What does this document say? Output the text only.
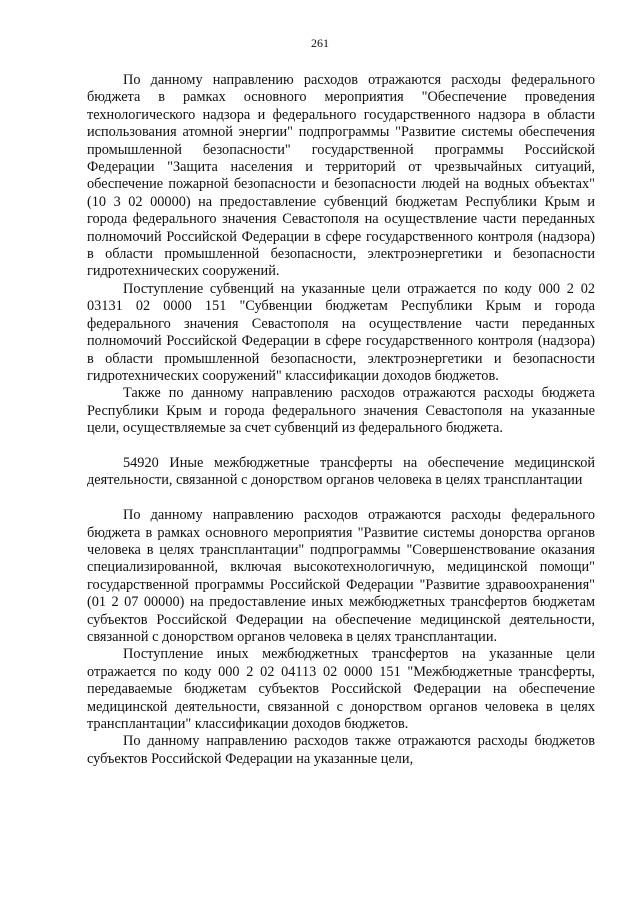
261

По данному направлению расходов отражаются расходы федерального бюджета в рамках основного мероприятия "Обеспечение проведения технологического надзора и федерального государственного надзора в области использования атомной энергии" подпрограммы "Развитие системы обеспечения промышленной безопасности" государственной программы Российской Федерации "Защита населения и территорий от чрезвычайных ситуаций, обеспечение пожарной безопасности и безопасности людей на водных объектах" (10 3 02 00000) на предоставление субвенций бюджетам Республики Крым и города федерального значения Севастополя на осуществление части переданных полномочий Российской Федерации в сфере государственного контроля (надзора) в области промышленной безопасности, электроэнергетики и безопасности гидротехнических сооружений.

Поступление субвенций на указанные цели отражается по коду 000 2 02 03131 02 0000 151 "Субвенции бюджетам Республики Крым и города федерального значения Севастополя на осуществление части переданных полномочий Российской Федерации в сфере государственного контроля (надзора) в области промышленной безопасности, электроэнергетики и безопасности гидротехнических сооружений" классификации доходов бюджетов.

Также по данному направлению расходов отражаются расходы бюджета Республики Крым и города федерального значения Севастополя на указанные цели, осуществляемые за счет субвенций из федерального бюджета.

54920 Иные межбюджетные трансферты на обеспечение медицинской деятельности, связанной с донорством органов человека в целях трансплантации

По данному направлению расходов отражаются расходы федерального бюджета в рамках основного мероприятия "Развитие системы донорства органов человека в целях трансплантации" подпрограммы "Совершенствование оказания специализированной, включая высокотехнологичную, медицинской помощи" государственной программы Российской Федерации "Развитие здравоохранения" (01 2 07 00000) на предоставление иных межбюджетных трансфертов бюджетам субъектов Российской Федерации на обеспечение медицинской деятельности, связанной с донорством органов человека в целях трансплантации.

Поступление иных межбюджетных трансфертов на указанные цели отражается по коду 000 2 02 04113 02 0000 151 "Межбюджетные трансферты, передаваемые бюджетам субъектов Российской Федерации на обеспечение медицинской деятельности, связанной с донорством органов человека в целях трансплантации" классификации доходов бюджетов.

По данному направлению расходов также отражаются расходы бюджетов субъектов Российской Федерации на указанные цели,
